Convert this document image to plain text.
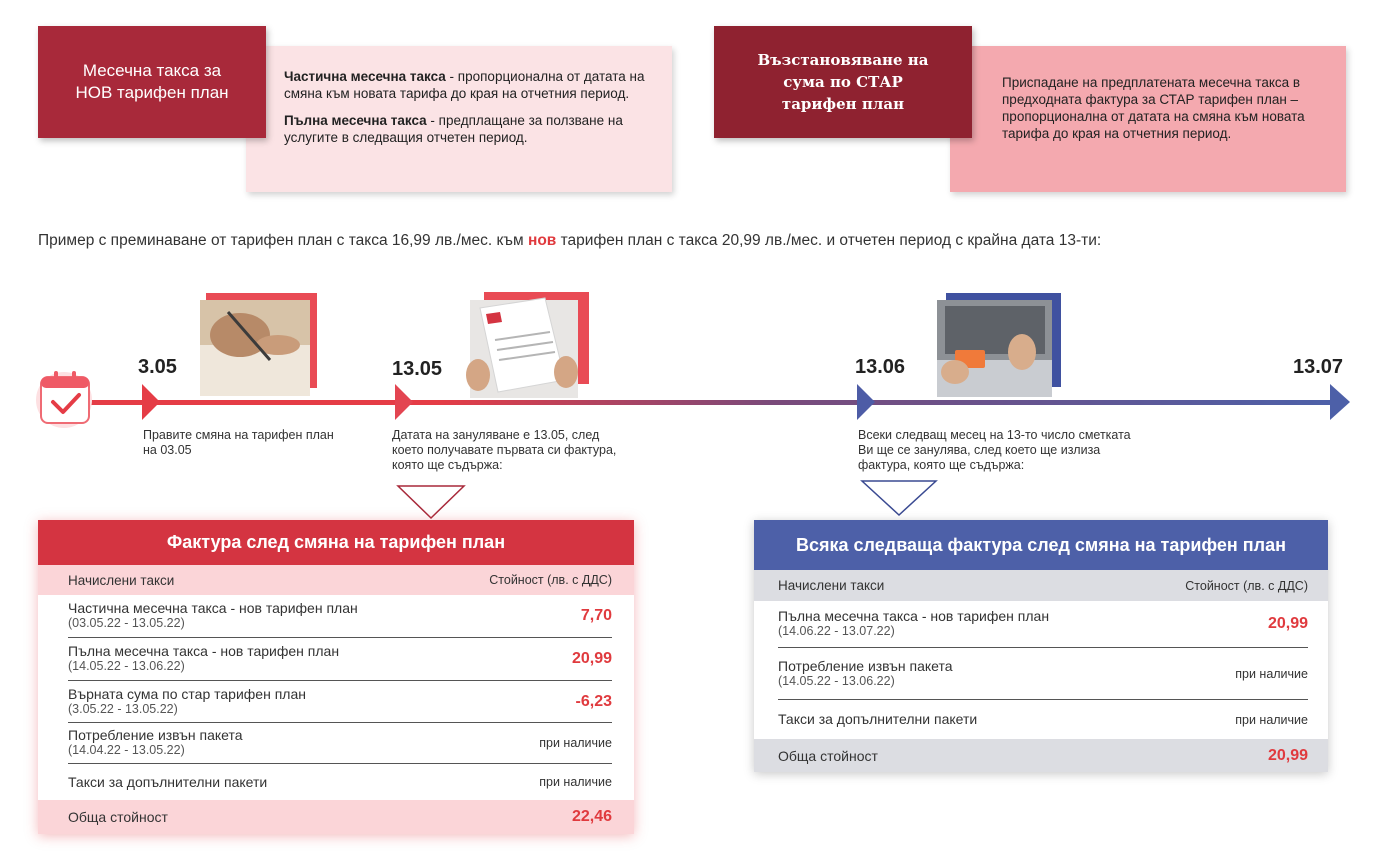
Месечна такса за НОВ тарифен план

Частична месечна такса - пропорционална от датата на смяна към новата тарифа до края на отчетния период.

Пълна месечна такса - предплащане за ползване на услугите в следващия отчетен период.

Възстановяване на сума по СТАР тарифен план
Приспадане на предплатената месечна такса в предходната фактура за СТАР тарифен план – пропорционална от датата на смяна към новата тарифа до края на отчетния период.
Пример с преминаване от тарифен план с такса 16,99 лв./мес. към нов тарифен план с такса 20,99 лв./мес. и отчетен период с крайна дата 13-ти:
3.05	13.05	13.06	13.07
Правите смяна на тарифен план на 03.05
Датата на зануляване е 13.05, след което получавате първата си фактура, която ще съдържа:
Всеки следващ месец на 13-то число сметката Ви ще се занулява, след което ще излиза фактура, която ще съдържа:
Фактура след смяна на тарифен план
Начислени такси	Стойност (лв. с ДДС)
Частична месечна такса - нов тарифен план
(03.05.22 - 13.05.22)	7,70
Пълна месечна такса - нов тарифен план
(14.05.22 - 13.06.22)	20,99
Върната сума по стар тарифен план
(3.05.22 - 13.05.22)	-6,23
Потребление извън пакета
(14.04.22 - 13.05.22)	при наличие
Такси за допълнителни пакети	при наличие
Обща стойност	22,46
Всяка следваща фактура след смяна на тарифен план
Начислени такси	Стойност (лв. с ДДС)
Пълна месечна такса - нов тарифен план
(14.06.22 - 13.07.22)	20,99
Потребление извън пакета
(14.05.22 - 13.06.22)	при наличие
Такси за допълнителни пакети	при наличие
Обща стойност	20,99
